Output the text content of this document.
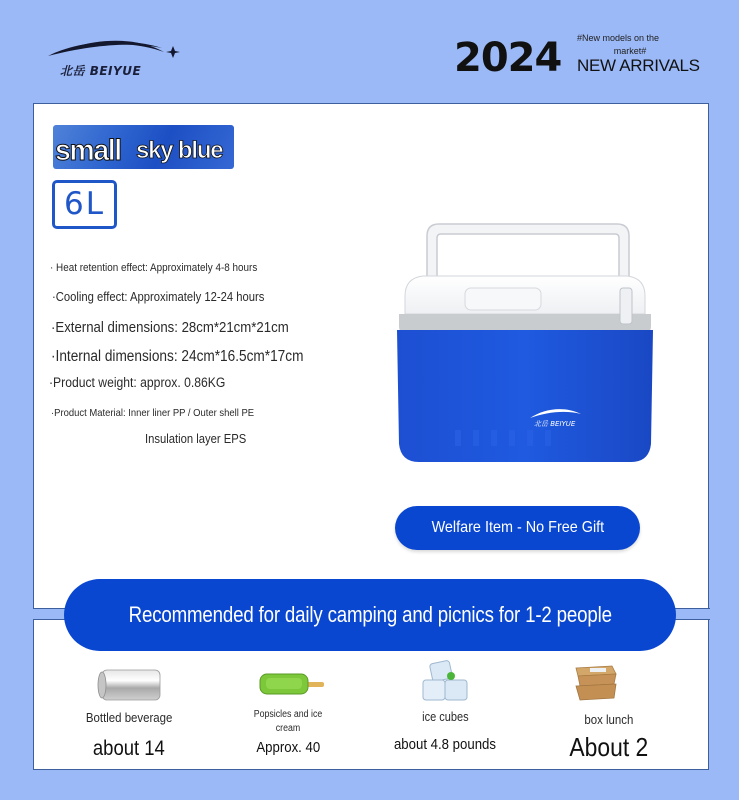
北岳 BEIYUE	2024 #New models on the
market#
NEW ARRIVALS
small sky blue
6L
· Heat retention effect: Approximately 4-8 hours
·Cooling effect: Approximately 12-24 hours
·External dimensions: 28cm*21cm*21cm
·Internal dimensions: 24cm*16.5cm*17cm
·Product weight: approx. 0.86KG
·Product Material: Inner liner PP / Outer shell PE
Insulation layer EPS
北岳 BEIYUE
Welfare Item - No Free Gift
Recommended for daily camping and picnics for 1-2 people
Bottled beverage
about 14
Popsicles and ice cream
Approx. 40
ice cubes
about 4.8 pounds
box lunch
About 2
